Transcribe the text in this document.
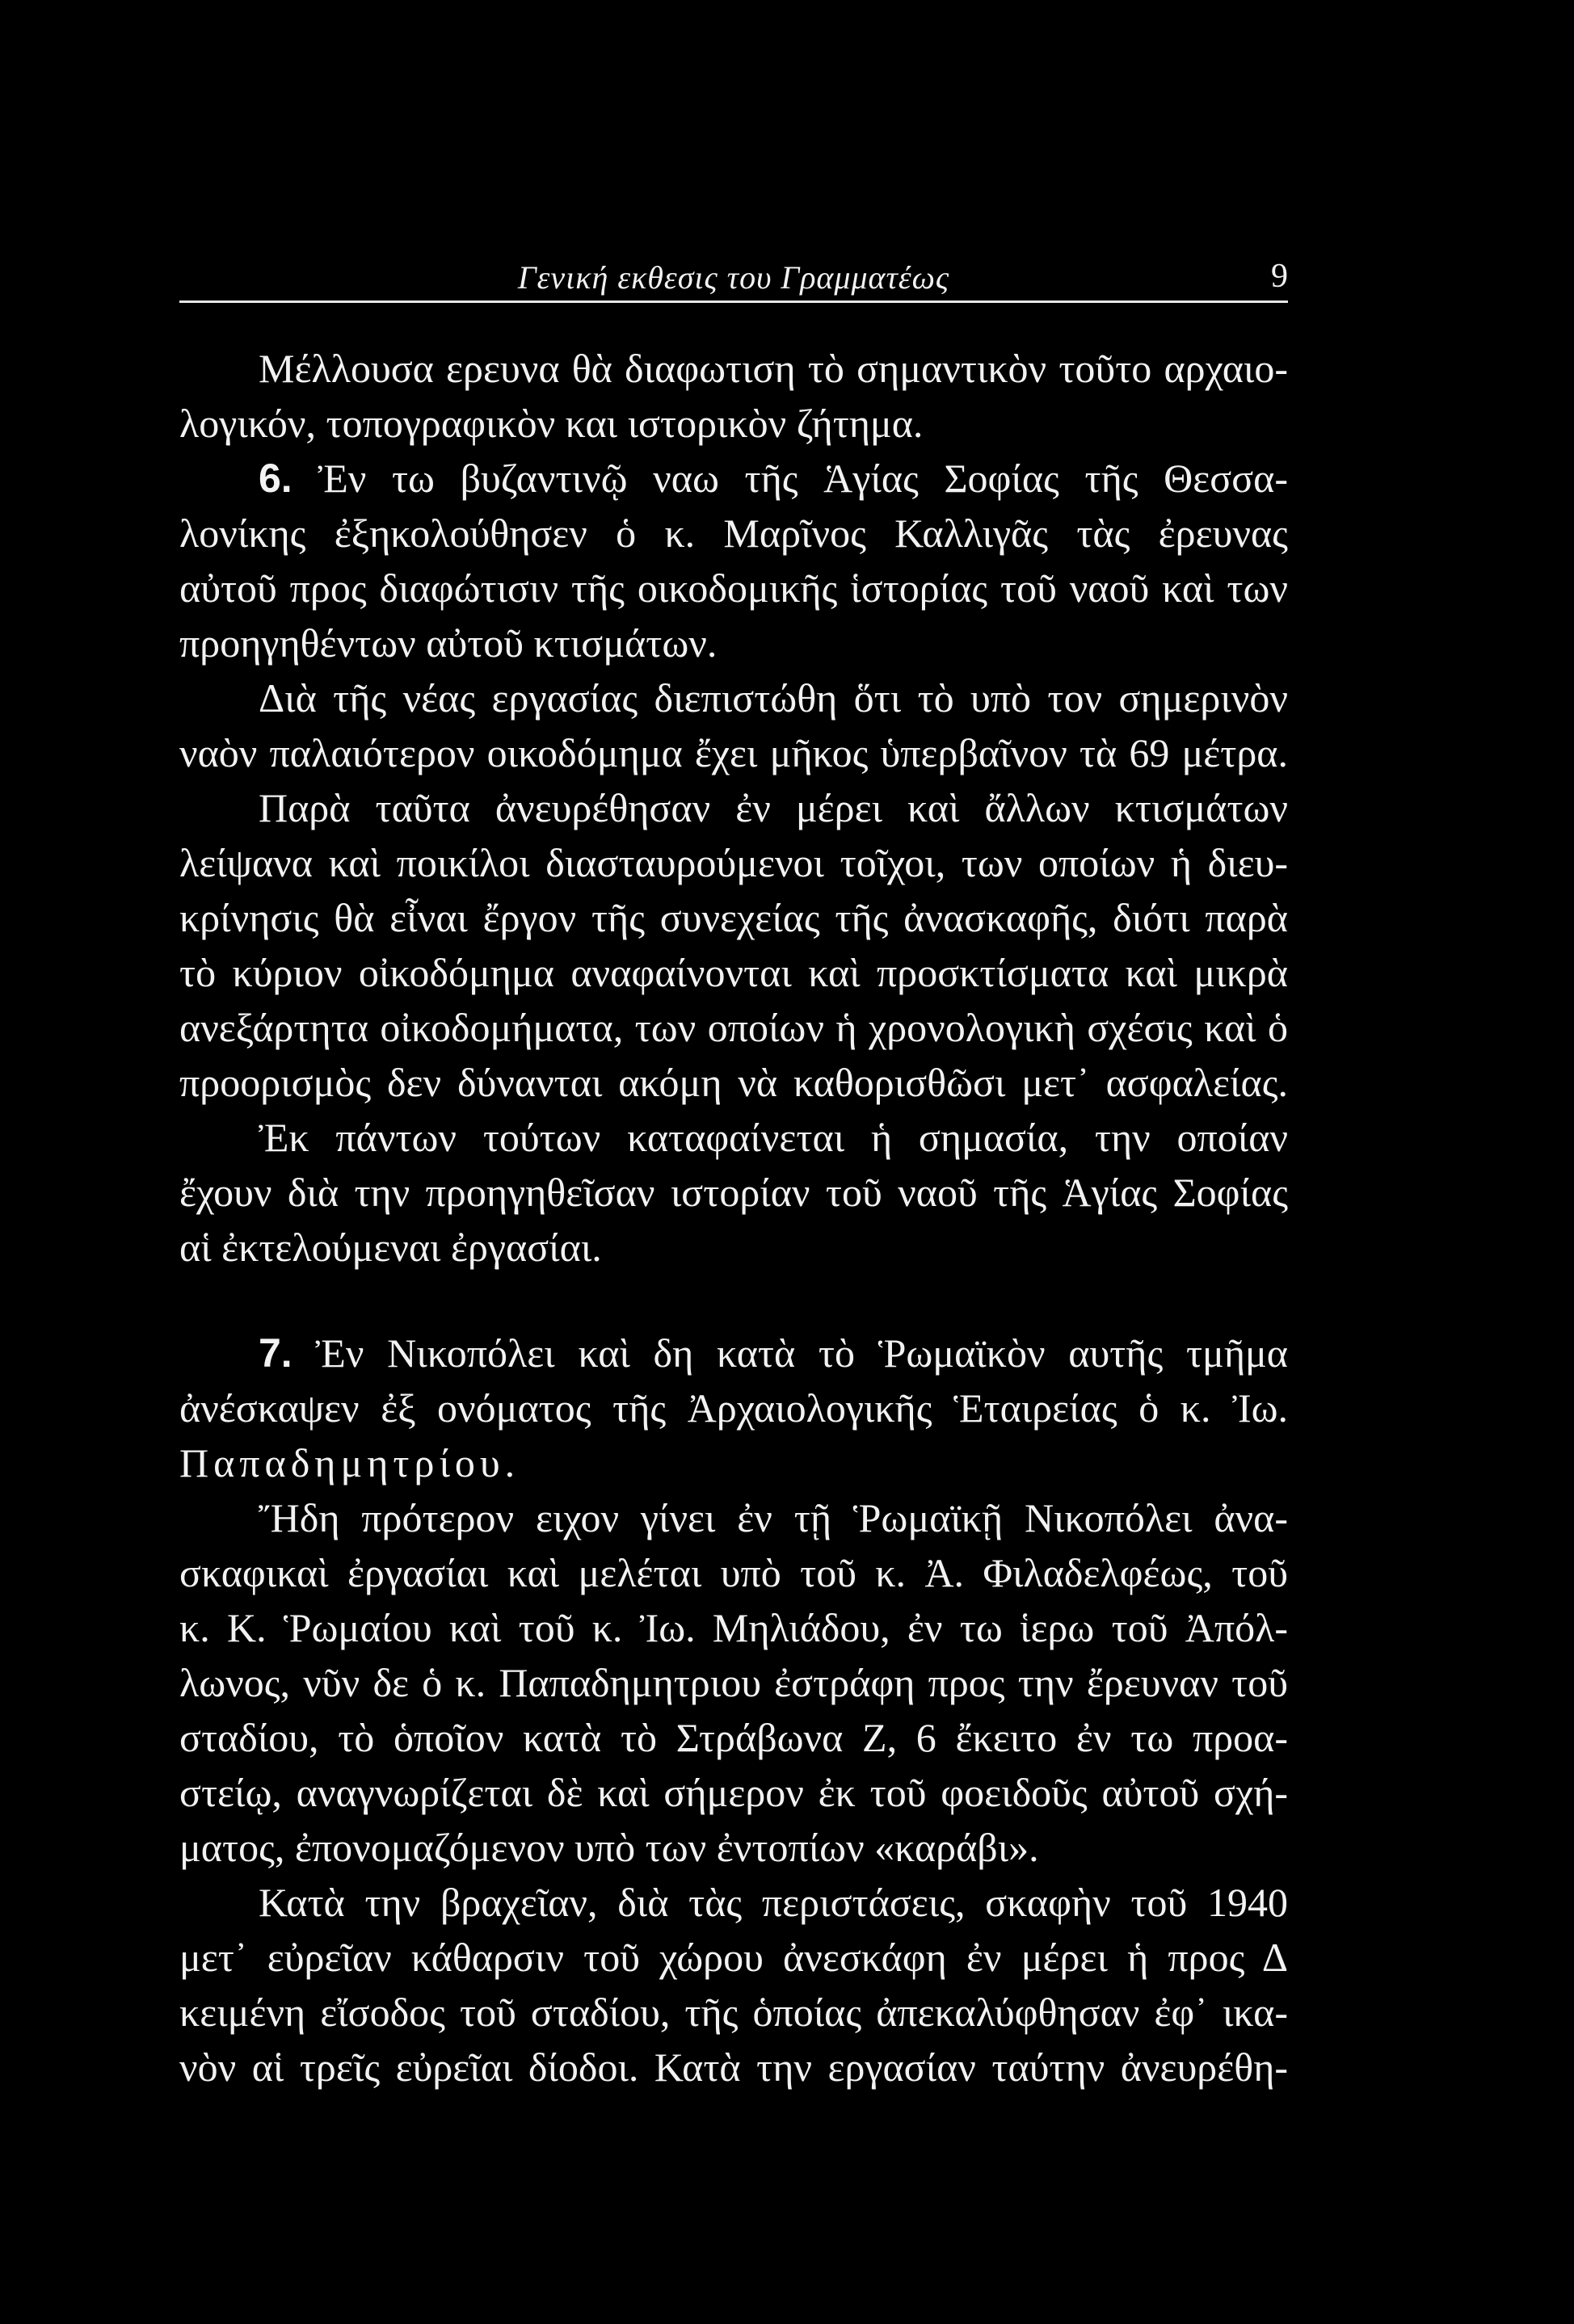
Γενική εκθεσις του Γραμματέως	9
Μέλλουσα ερευνα θὰ διαφωτιση τὸ σημαντικὸν τοῦτο αρχαιο-
λογικόν, τοπογραφικὸν και ιστορικὸν ζήτημα.
6. Ἐν τω βυζαντινῷ ναω τῆς Ἁγίας Σοφίας τῆς Θεσσα-
λονίκης ἐξηκολούθησεν ὁ κ. Μαρῖνος Καλλιγᾶς τὰς ἐρευνας
αὐτοῦ προς διαφώτισιν τῆς οικοδομικῆς ἱστορίας τοῦ ναοῦ καὶ των
προηγηθέντων αὐτοῦ κτισμάτων.
Διὰ τῆς νέας εργασίας διεπιστώθη ὅτι τὸ υπὸ τον σημερινὸν
ναὸν παλαιότερον οικοδόμημα ἔχει μῆκος ὑπερβαῖνον τὰ 69 μέτρα.
Παρὰ ταῦτα ἀνευρέθησαν ἐν μέρει καὶ ἄλλων κτισμάτων
λείψανα καὶ ποικίλοι διασταυρούμενοι τοῖχοι, των οποίων ἡ διευ-
κρίνησις θὰ εἶναι ἔργον τῆς συνεχείας τῆς ἀνασκαφῆς, διότι παρὰ
τὸ κύριον οἰκοδόμημα αναφαίνονται καὶ προσκτίσματα καὶ μικρὰ
ανεξάρτητα οἰκοδομήματα, των οποίων ἡ χρονολογικὴ σχέσις καὶ ὁ
προορισμὸς δεν δύνανται ακόμη νὰ καθορισθῶσι μετ᾽ ασφαλείας.
Ἐκ πάντων τούτων καταφαίνεται ἡ σημασία, την οποίαν
ἔχουν διὰ την προηγηθεῖσαν ιστορίαν τοῦ ναοῦ τῆς Ἁγίας Σοφίας
αἱ ἐκτελούμεναι ἐργασίαι.
7. Ἐν Νικοπόλει καὶ δη κατὰ τὸ Ῥωμαϊκὸν αυτῆς τμῆμα
ἀνέσκαψεν ἐξ ονόματος τῆς Ἀρχαιολογικῆς Ἑταιρείας ὁ κ. Ἰω.
Παπαδημητρίου.
Ἤδη πρότερον ειχον γίνει ἐν τῇ Ῥωμαϊκῇ Νικοπόλει ἀνα-
σκαφικαὶ ἐργασίαι καὶ μελέται υπὸ τοῦ κ. Ἀ. Φιλαδελφέως, τοῦ
κ. Κ. Ῥωμαίου καὶ τοῦ κ. Ἰω. Μηλιάδου, ἐν τω ἱερω τοῦ Ἀπόλ-
λωνος, νῦν δε ὁ κ. Παπαδημητριου ἐστράφη προς την ἔρευναν τοῦ
σταδίου, τὸ ὁποῖον κατὰ τὸ Στράβωνα Ζ, 6 ἔκειτο ἐν τω προα-
στείῳ, αναγνωρίζεται δὲ καὶ σήμερον ἐκ τοῦ φοειδοῦς αὐτοῦ σχή-
ματος, ἐπονομαζόμενον υπὸ των ἐντοπίων «καράβι».
Κατὰ την βραχεῖαν, διὰ τὰς περιστάσεις, σκαφὴν τοῦ 1940
μετ᾽ εὐρεῖαν κάθαρσιν τοῦ χώρου ἀνεσκάφη ἐν μέρει ἡ προς Δ
κειμένη εἴσοδος τοῦ σταδίου, τῆς ὁποίας ἀπεκαλύφθησαν ἐφ᾽ ικα-
νὸν αἱ τρεῖς εὐρεῖαι δίοδοι. Κατὰ την εργασίαν ταύτην ἀνευρέθη-
